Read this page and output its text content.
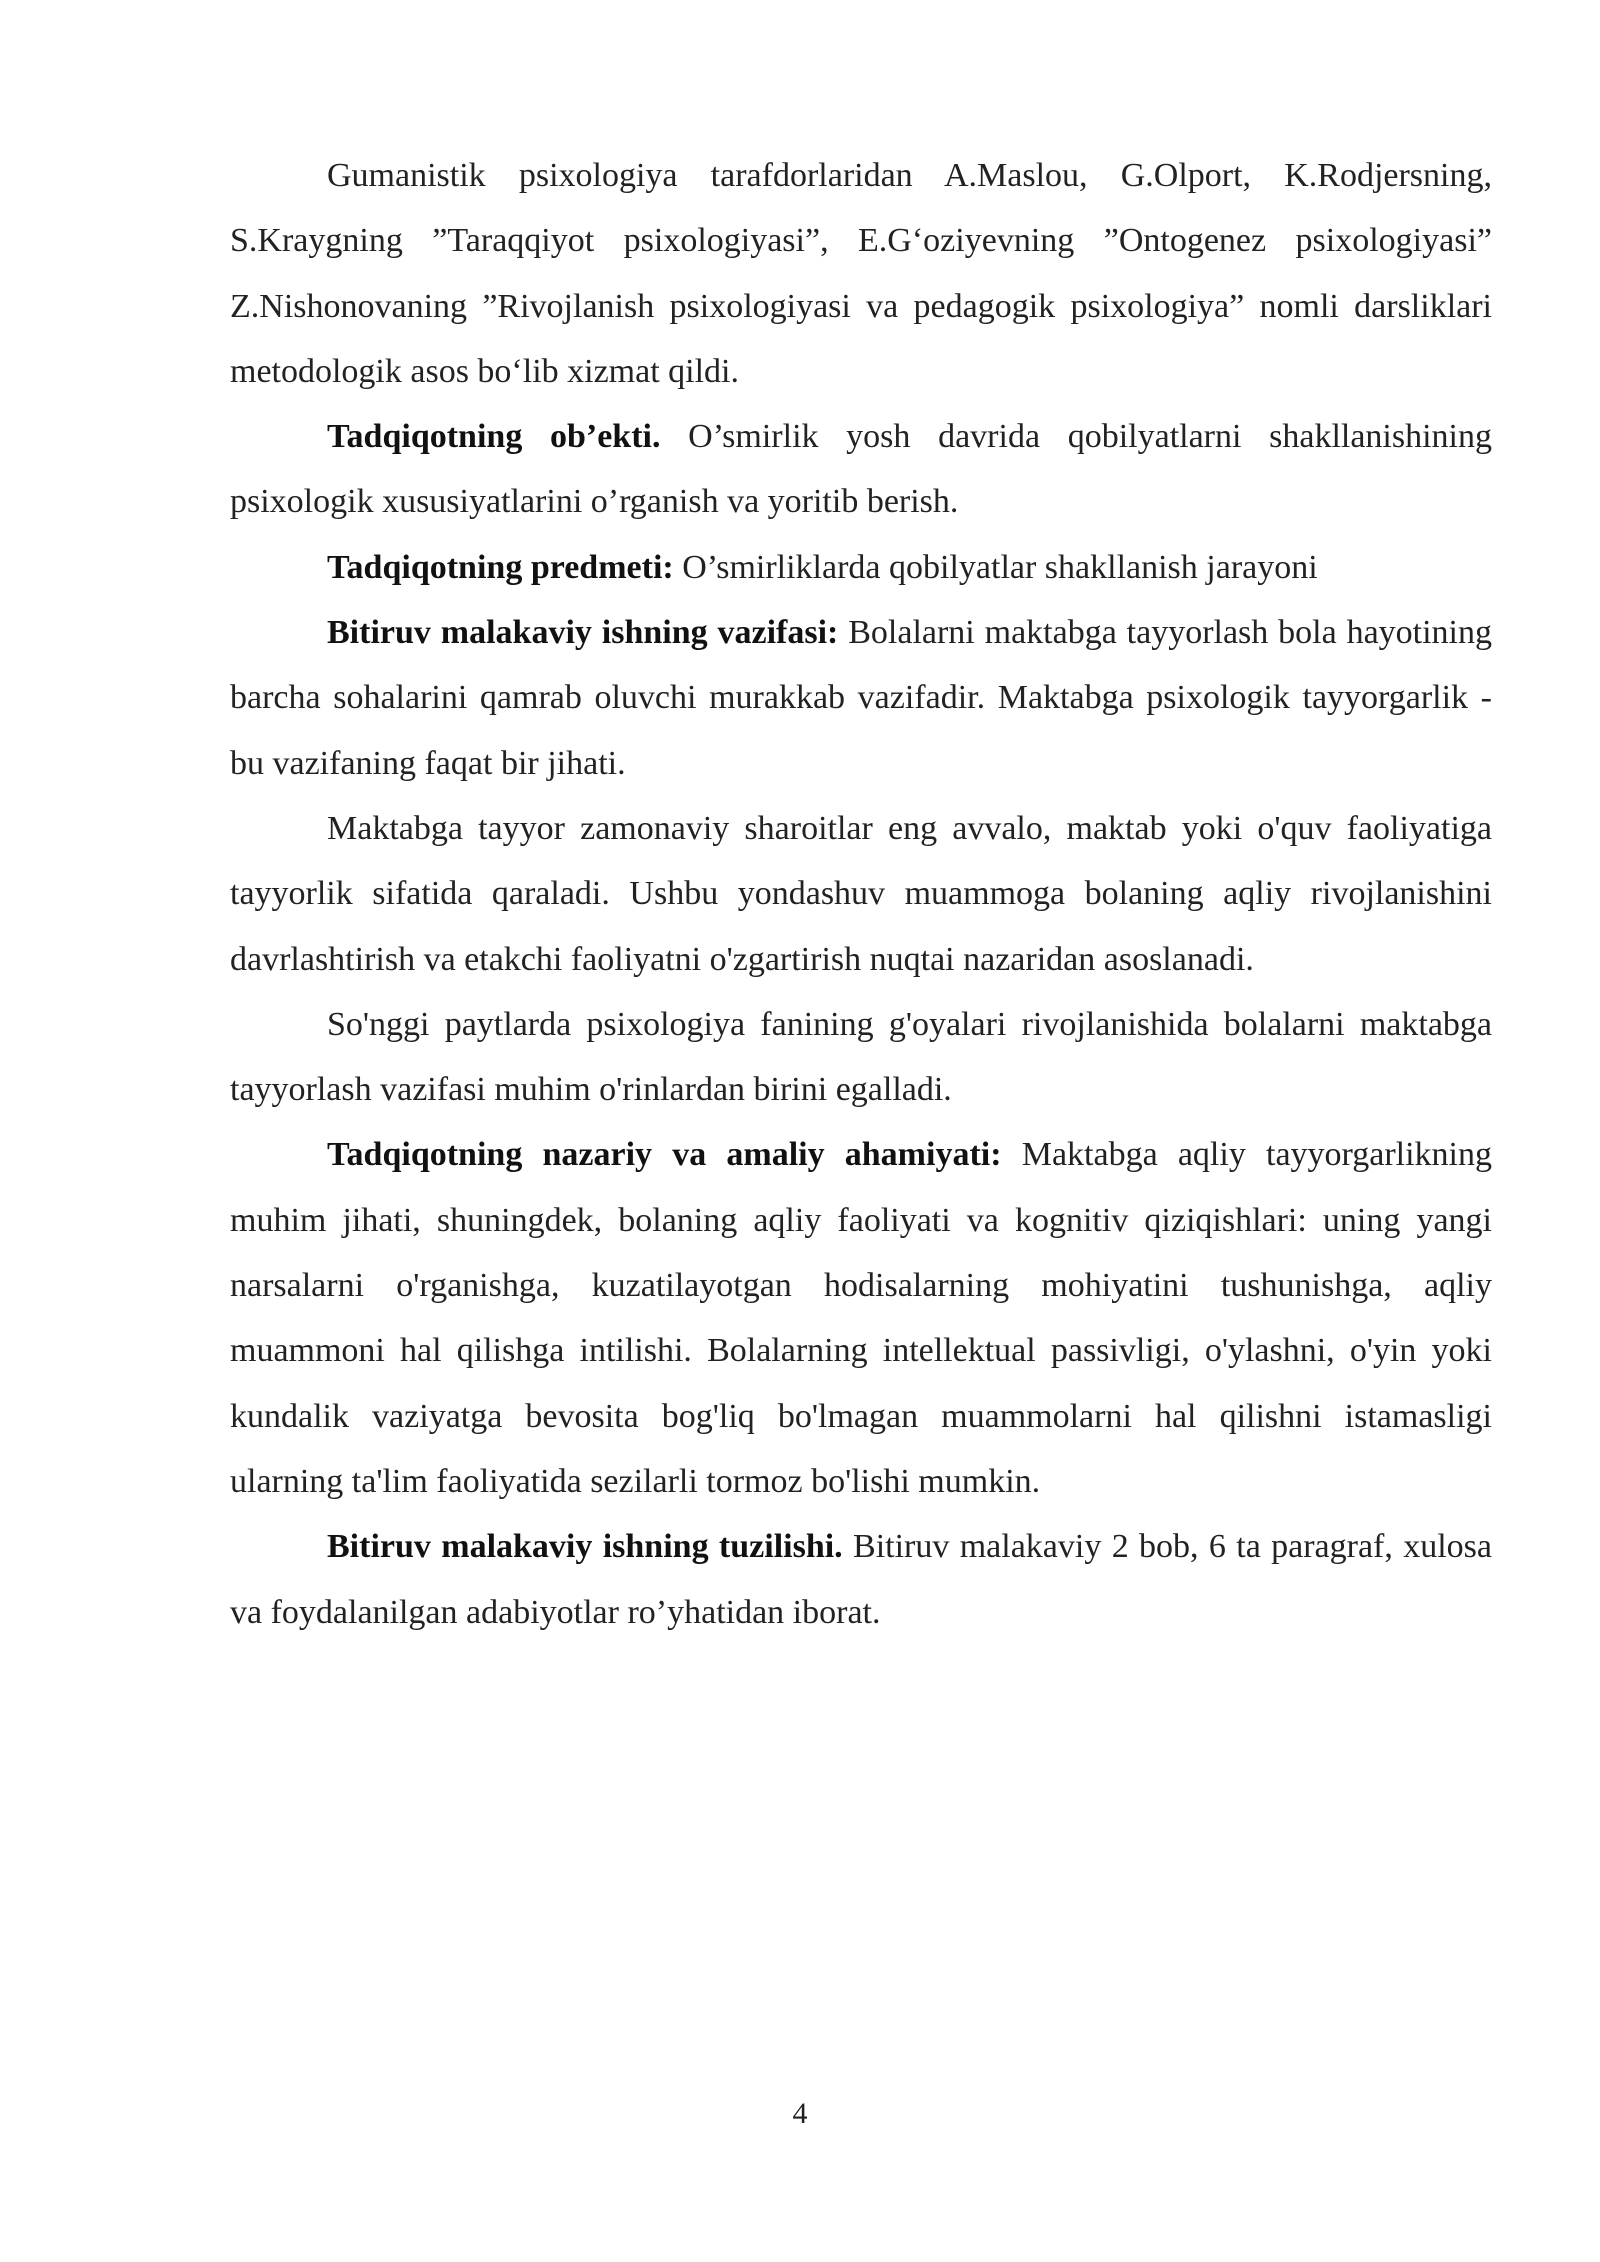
Gumanistik psixologiya tarafdorlaridan A.Maslou, G.Olport, K.Rodjersning, S.Kraygning ”Taraqqiyot psixologiyasi”, E.G‘oziyevning ”Ontogenez psixologiyasi” Z.Nishonovaning ”Rivojlanish psixologiyasi va pedagogik psixologiya” nomli darsliklari metodologik asos bo‘lib xizmat qildi.

Tadqiqotning ob’ekti. O’smirlik yosh davrida qobilyatlarni shakllanishining psixologik xususiyatlarini o’rganish va yoritib berish.

Tadqiqotning predmeti: O’smirliklarda qobilyatlar shakllanish jarayoni

Bitiruv malakaviy ishning vazifasi: Bolalarni maktabga tayyorlash bola hayotining barcha sohalarini qamrab oluvchi murakkab vazifadir. Maktabga psixologik tayyorgarlik - bu vazifaning faqat bir jihati.

Maktabga tayyor zamonaviy sharoitlar eng avvalo, maktab yoki o'quv faoliyatiga tayyorlik sifatida qaraladi. Ushbu yondashuv muammoga bolaning aqliy rivojlanishini davrlashtirish va etakchi faoliyatni o'zgartirish nuqtai nazaridan asoslanadi.

So'nggi paytlarda psixologiya fanining g'oyalari rivojlanishida bolalarni maktabga tayyorlash vazifasi muhim o'rinlardan birini egalladi.

Tadqiqotning nazariy va amaliy ahamiyati: Maktabga aqliy tayyorgarlikning muhim jihati, shuningdek, bolaning aqliy faoliyati va kognitiv qiziqishlari: uning yangi narsalarni o'rganishga, kuzatilayotgan hodisalarning mohiyatini tushunishga, aqliy muammoni hal qilishga intilishi. Bolalarning intellektual passivligi, o'ylashni, o'yin yoki kundalik vaziyatga bevosita bog'liq bo'lmagan muammolarni hal qilishni istamasligi ularning ta'lim faoliyatida sezilarli tormoz bo'lishi mumkin.

Bitiruv malakaviy ishning tuzilishi. Bitiruv malakaviy 2 bob, 6 ta paragraf, xulosa va foydalanilgan adabiyotlar ro’yhatidan iborat.

4
